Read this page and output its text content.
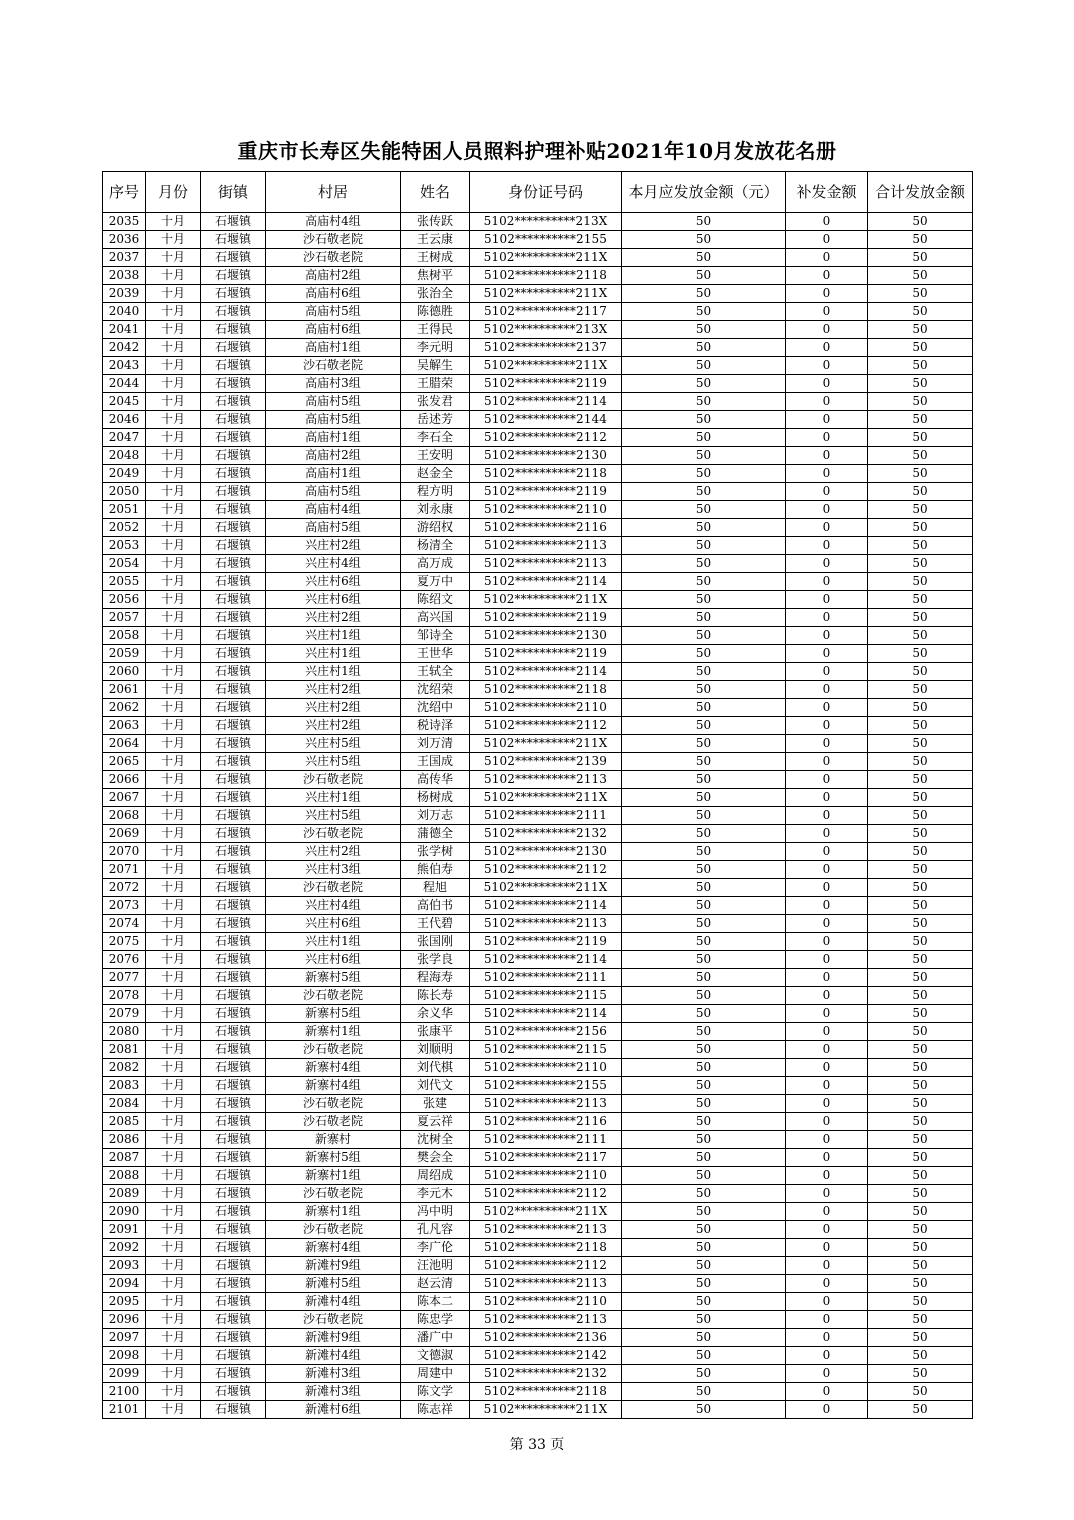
重庆市长寿区失能特困人员照料护理补贴2021年10月发放花名册
序号	月份	街镇	村居	姓名	身份证号码	本月应发放金额（元）	补发金额	合计发放金额
2035	十月	石堰镇	高庙村4组	张传跃	5102**********213X	50	0	50
2036	十月	石堰镇	沙石敬老院	王云康	5102**********2155	50	0	50
2037	十月	石堰镇	沙石敬老院	王树成	5102**********211X	50	0	50
2038	十月	石堰镇	高庙村2组	焦树平	5102**********2118	50	0	50
2039	十月	石堰镇	高庙村6组	张治全	5102**********211X	50	0	50
2040	十月	石堰镇	高庙村5组	陈德胜	5102**********2117	50	0	50
2041	十月	石堰镇	高庙村6组	王得民	5102**********213X	50	0	50
2042	十月	石堰镇	高庙村1组	李元明	5102**********2137	50	0	50
2043	十月	石堰镇	沙石敬老院	吴解生	5102**********211X	50	0	50
2044	十月	石堰镇	高庙村3组	王腊荣	5102**********2119	50	0	50
2045	十月	石堰镇	高庙村5组	张发君	5102**********2114	50	0	50
2046	十月	石堰镇	高庙村5组	岳述芳	5102**********2144	50	0	50
2047	十月	石堰镇	高庙村1组	李石全	5102**********2112	50	0	50
2048	十月	石堰镇	高庙村2组	王安明	5102**********2130	50	0	50
2049	十月	石堰镇	高庙村1组	赵金全	5102**********2118	50	0	50
2050	十月	石堰镇	高庙村5组	程方明	5102**********2119	50	0	50
2051	十月	石堰镇	高庙村4组	刘永康	5102**********2110	50	0	50
2052	十月	石堰镇	高庙村5组	游绍权	5102**********2116	50	0	50
2053	十月	石堰镇	兴庄村2组	杨清全	5102**********2113	50	0	50
2054	十月	石堰镇	兴庄村4组	高万成	5102**********2113	50	0	50
2055	十月	石堰镇	兴庄村6组	夏万中	5102**********2114	50	0	50
2056	十月	石堰镇	兴庄村6组	陈绍文	5102**********211X	50	0	50
2057	十月	石堰镇	兴庄村2组	高兴国	5102**********2119	50	0	50
2058	十月	石堰镇	兴庄村1组	邹诗全	5102**********2130	50	0	50
2059	十月	石堰镇	兴庄村1组	王世华	5102**********2119	50	0	50
2060	十月	石堰镇	兴庄村1组	王轼全	5102**********2114	50	0	50
2061	十月	石堰镇	兴庄村2组	沈绍荣	5102**********2118	50	0	50
2062	十月	石堰镇	兴庄村2组	沈绍中	5102**********2110	50	0	50
2063	十月	石堰镇	兴庄村2组	税诗泽	5102**********2112	50	0	50
2064	十月	石堰镇	兴庄村5组	刘万清	5102**********211X	50	0	50
2065	十月	石堰镇	兴庄村5组	王国成	5102**********2139	50	0	50
2066	十月	石堰镇	沙石敬老院	高传华	5102**********2113	50	0	50
2067	十月	石堰镇	兴庄村1组	杨树成	5102**********211X	50	0	50
2068	十月	石堰镇	兴庄村5组	刘万志	5102**********2111	50	0	50
2069	十月	石堰镇	沙石敬老院	蒲德全	5102**********2132	50	0	50
2070	十月	石堰镇	兴庄村2组	张学树	5102**********2130	50	0	50
2071	十月	石堰镇	兴庄村3组	熊伯寿	5102**********2112	50	0	50
2072	十月	石堰镇	沙石敬老院	程旭	5102**********211X	50	0	50
2073	十月	石堰镇	兴庄村4组	高伯书	5102**********2114	50	0	50
2074	十月	石堰镇	兴庄村6组	王代碧	5102**********2113	50	0	50
2075	十月	石堰镇	兴庄村1组	张国刚	5102**********2119	50	0	50
2076	十月	石堰镇	兴庄村6组	张学良	5102**********2114	50	0	50
2077	十月	石堰镇	新寨村5组	程海寿	5102**********2111	50	0	50
2078	十月	石堰镇	沙石敬老院	陈长寿	5102**********2115	50	0	50
2079	十月	石堰镇	新寨村5组	余义华	5102**********2114	50	0	50
2080	十月	石堰镇	新寨村1组	张康平	5102**********2156	50	0	50
2081	十月	石堰镇	沙石敬老院	刘顺明	5102**********2115	50	0	50
2082	十月	石堰镇	新寨村4组	刘代棋	5102**********2110	50	0	50
2083	十月	石堰镇	新寨村4组	刘代文	5102**********2155	50	0	50
2084	十月	石堰镇	沙石敬老院	张建	5102**********2113	50	0	50
2085	十月	石堰镇	沙石敬老院	夏云祥	5102**********2116	50	0	50
2086	十月	石堰镇	新寨村	沈树全	5102**********2111	50	0	50
2087	十月	石堰镇	新寨村5组	樊会全	5102**********2117	50	0	50
2088	十月	石堰镇	新寨村1组	周绍成	5102**********2110	50	0	50
2089	十月	石堰镇	沙石敬老院	李元木	5102**********2112	50	0	50
2090	十月	石堰镇	新寨村1组	冯中明	5102**********211X	50	0	50
2091	十月	石堰镇	沙石敬老院	孔凡容	5102**********2113	50	0	50
2092	十月	石堰镇	新寨村4组	李广伦	5102**********2118	50	0	50
2093	十月	石堰镇	新滩村9组	汪池明	5102**********2112	50	0	50
2094	十月	石堰镇	新滩村5组	赵云清	5102**********2113	50	0	50
2095	十月	石堰镇	新滩村4组	陈本二	5102**********2110	50	0	50
2096	十月	石堰镇	沙石敬老院	陈忠学	5102**********2113	50	0	50
2097	十月	石堰镇	新滩村9组	潘广中	5102**********2136	50	0	50
2098	十月	石堰镇	新滩村4组	文德淑	5102**********2142	50	0	50
2099	十月	石堰镇	新滩村3组	周建中	5102**********2132	50	0	50
2100	十月	石堰镇	新滩村3组	陈文学	5102**********2118	50	0	50
2101	十月	石堰镇	新滩村6组	陈志祥	5102**********211X	50	0	50

第 33 页
